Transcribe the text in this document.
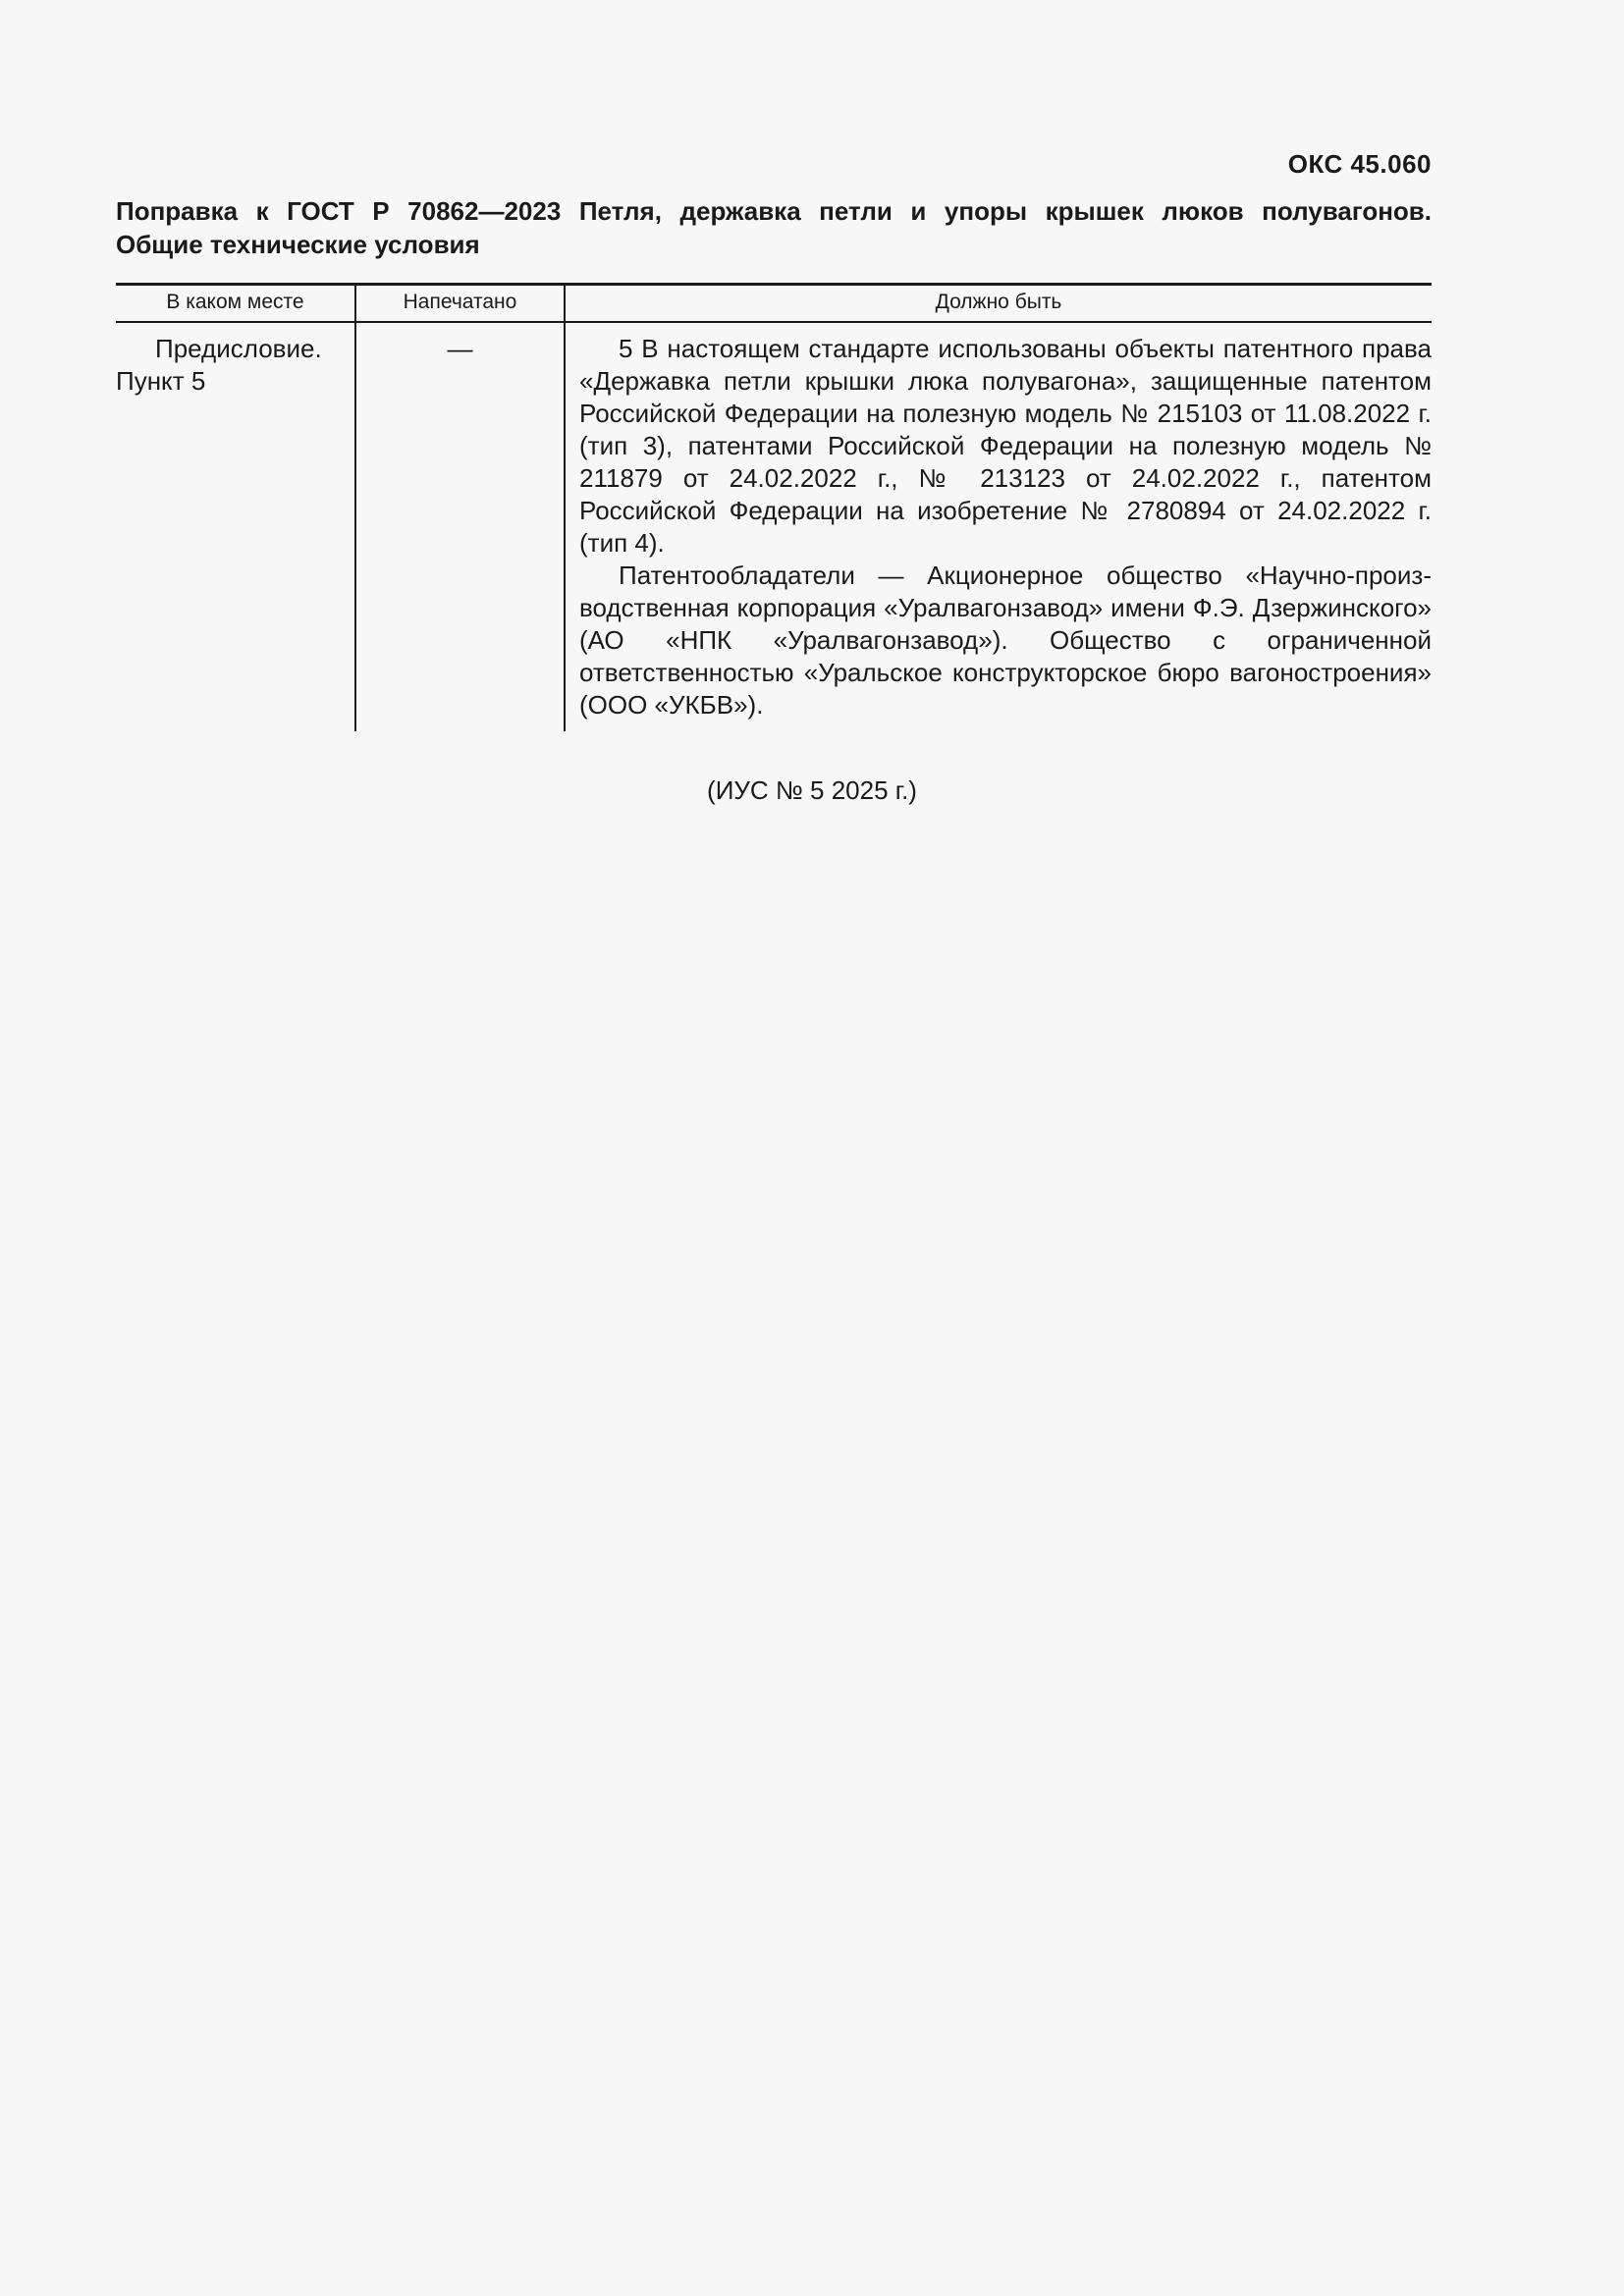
ОКС 45.060
Поправка к ГОСТ Р 70862—2023 Петля, державка петли и упоры крышек люков полувагонов.
Общие технические условия
В каком месте	Напечатано	Должно быть
Предисловие. Пункт 5	—	5 В настоящем стандарте использованы объекты патентного права «Державка петли крышки люка полувагона», защищенные патентом Российской Федерации на полезную модель № 215103 от 11.08.2022 г. (тип 3), патентами Российской Федерации на полезную модель № 211879 от 24.02.2022 г., № 213123 от 24.02.2022 г., патентом Российской Федерации на изобретение № 2780894 от 24.02.2022 г. (тип 4).

Патентообладатели — Акционерное общество «Научно-производственная корпорация «Уралвагонзавод» имени Ф.Э. Дзержинского» (АО «НПК «Уралвагонзавод»). Общество с ограниченной ответственностью «Уральское конструкторское бюро вагоностроения» (ООО «УКБВ»).

(ИУС № 5 2025 г.)
